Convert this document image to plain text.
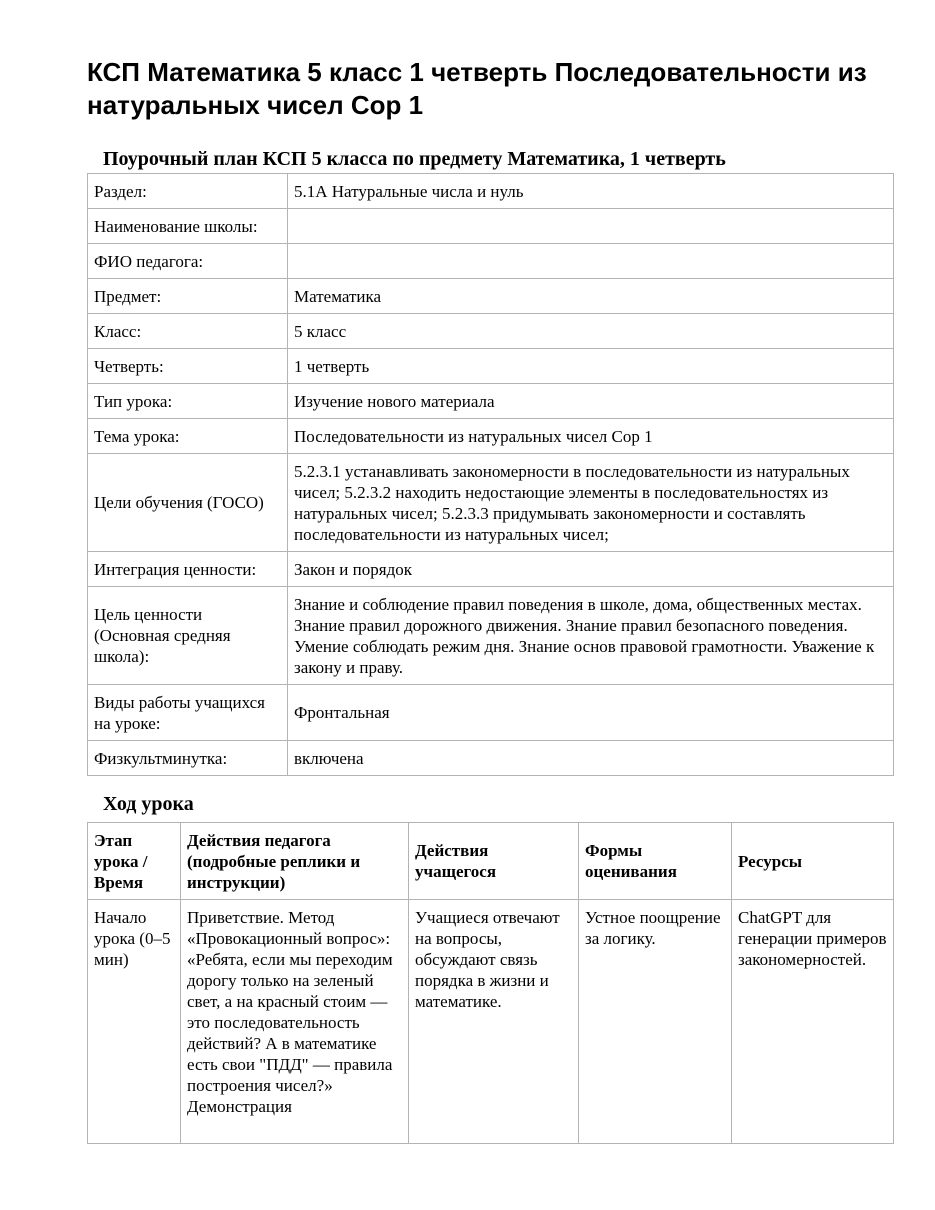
КСП Математика 5 класс 1 четверть Последовательности из натуральных чисел Сор 1
Поурочный план КСП 5 класса по предмету Математика, 1 четверть
Раздел:	5.1А Натуральные числа и нуль
Наименование школы:	
ФИО педагога:	
Предмет:	Математика
Класс:	5 класс
Четверть:	1 четверть
Тип урока:	Изучение нового материала
Тема урока:	Последовательности из натуральных чисел Сор 1
Цели обучения (ГОСО)	5.2.3.1 устанавливать закономерности в последовательности из натуральных чисел; 5.2.3.2 находить недостающие элементы в последовательностях из натуральных чисел; 5.2.3.3 придумывать закономерности и составлять последовательности из натуральных чисел;
Интеграция ценности:	Закон и порядок
Цель ценности (Основная средняя школа):	Знание и соблюдение правил поведения в школе, дома, общественных местах. Знание правил дорожного движения. Знание правил безопасного поведения. Умение соблюдать режим дня. Знание основ правовой грамотности. Уважение к закону и праву.
Виды работы учащихся на уроке:	Фронтальная
Физкультминутка:	включена
Ход урока
Этап урока / Время	Действия педагога (подробные реплики и инструкции)	Действия учащегося	Формы оценивания	Ресурсы
Начало урока (0–5 мин)	Приветствие. Метод «Провокационный вопрос»: «Ребята, если мы переходим дорогу только на зеленый свет, а на красный стоим — это последовательность действий? А в математике есть свои "ПДД" — правила построения чисел?» Демонстрация	Учащиеся отвечают на вопросы, обсуждают связь порядка в жизни и математике.	Устное поощрение за логику.	ChatGPT для генерации примеров закономерностей.
